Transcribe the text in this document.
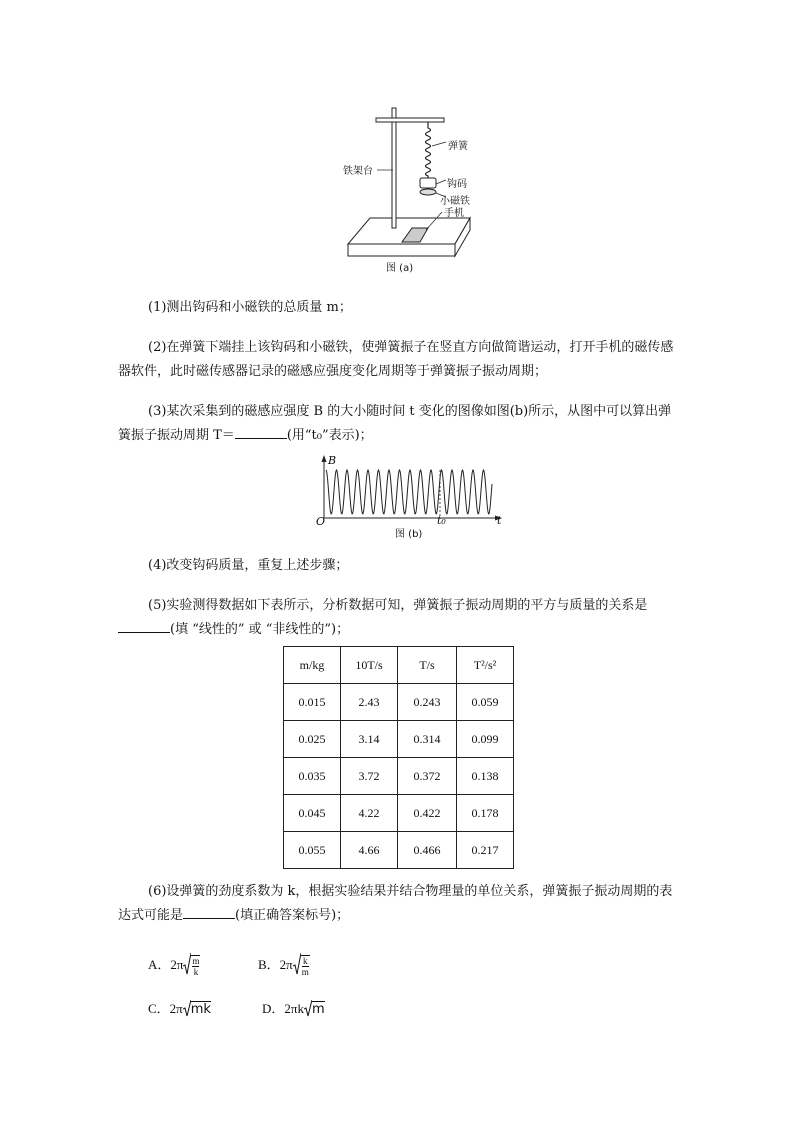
铁架台
弹簧
钩码
小磁铁
手机
图 (a)
(1)测出钩码和小磁铁的总质量 m；
(2)在弹簧下端挂上该钩码和小磁铁，使弹簧振子在竖直方向做简谐运动，打开手机的磁传感器软件，此时磁传感器记录的磁感应强度变化周期等于弹簧振子振动周期；
(3)某次采集到的磁感应强度 B 的大小随时间 t 变化的图像如图(b)所示，从图中可以算出弹簧振子振动周期 T＝	(用“t₀”表示)；
B
t
O	t₀
图 (b)
(4)改变钩码质量，重复上述步骤；
(5)实验测得数据如下表所示，分析数据可知，弹簧振子振动周期的平方与质量的关系是(填 “线性的” 或 “非线性的”)；
m/kg	10T/s	T/s	T²/s²
0.015	2.43	0.243	0.059
0.025	3.14	0.314	0.099
0.035	3.72	0.372	0.138
0.045	4.22	0.422	0.178
0.055	4.66	0.466	0.217
(6)设弹簧的劲度系数为 k，根据实验结果并结合物理量的单位关系，弹簧振子振动周期的表达式可能是	(填正确答案标号)；
A．$2\pi \frac{m}{k}$	B．$2\pi \frac{k}{m}$
C．2π mk	D．2πk m
